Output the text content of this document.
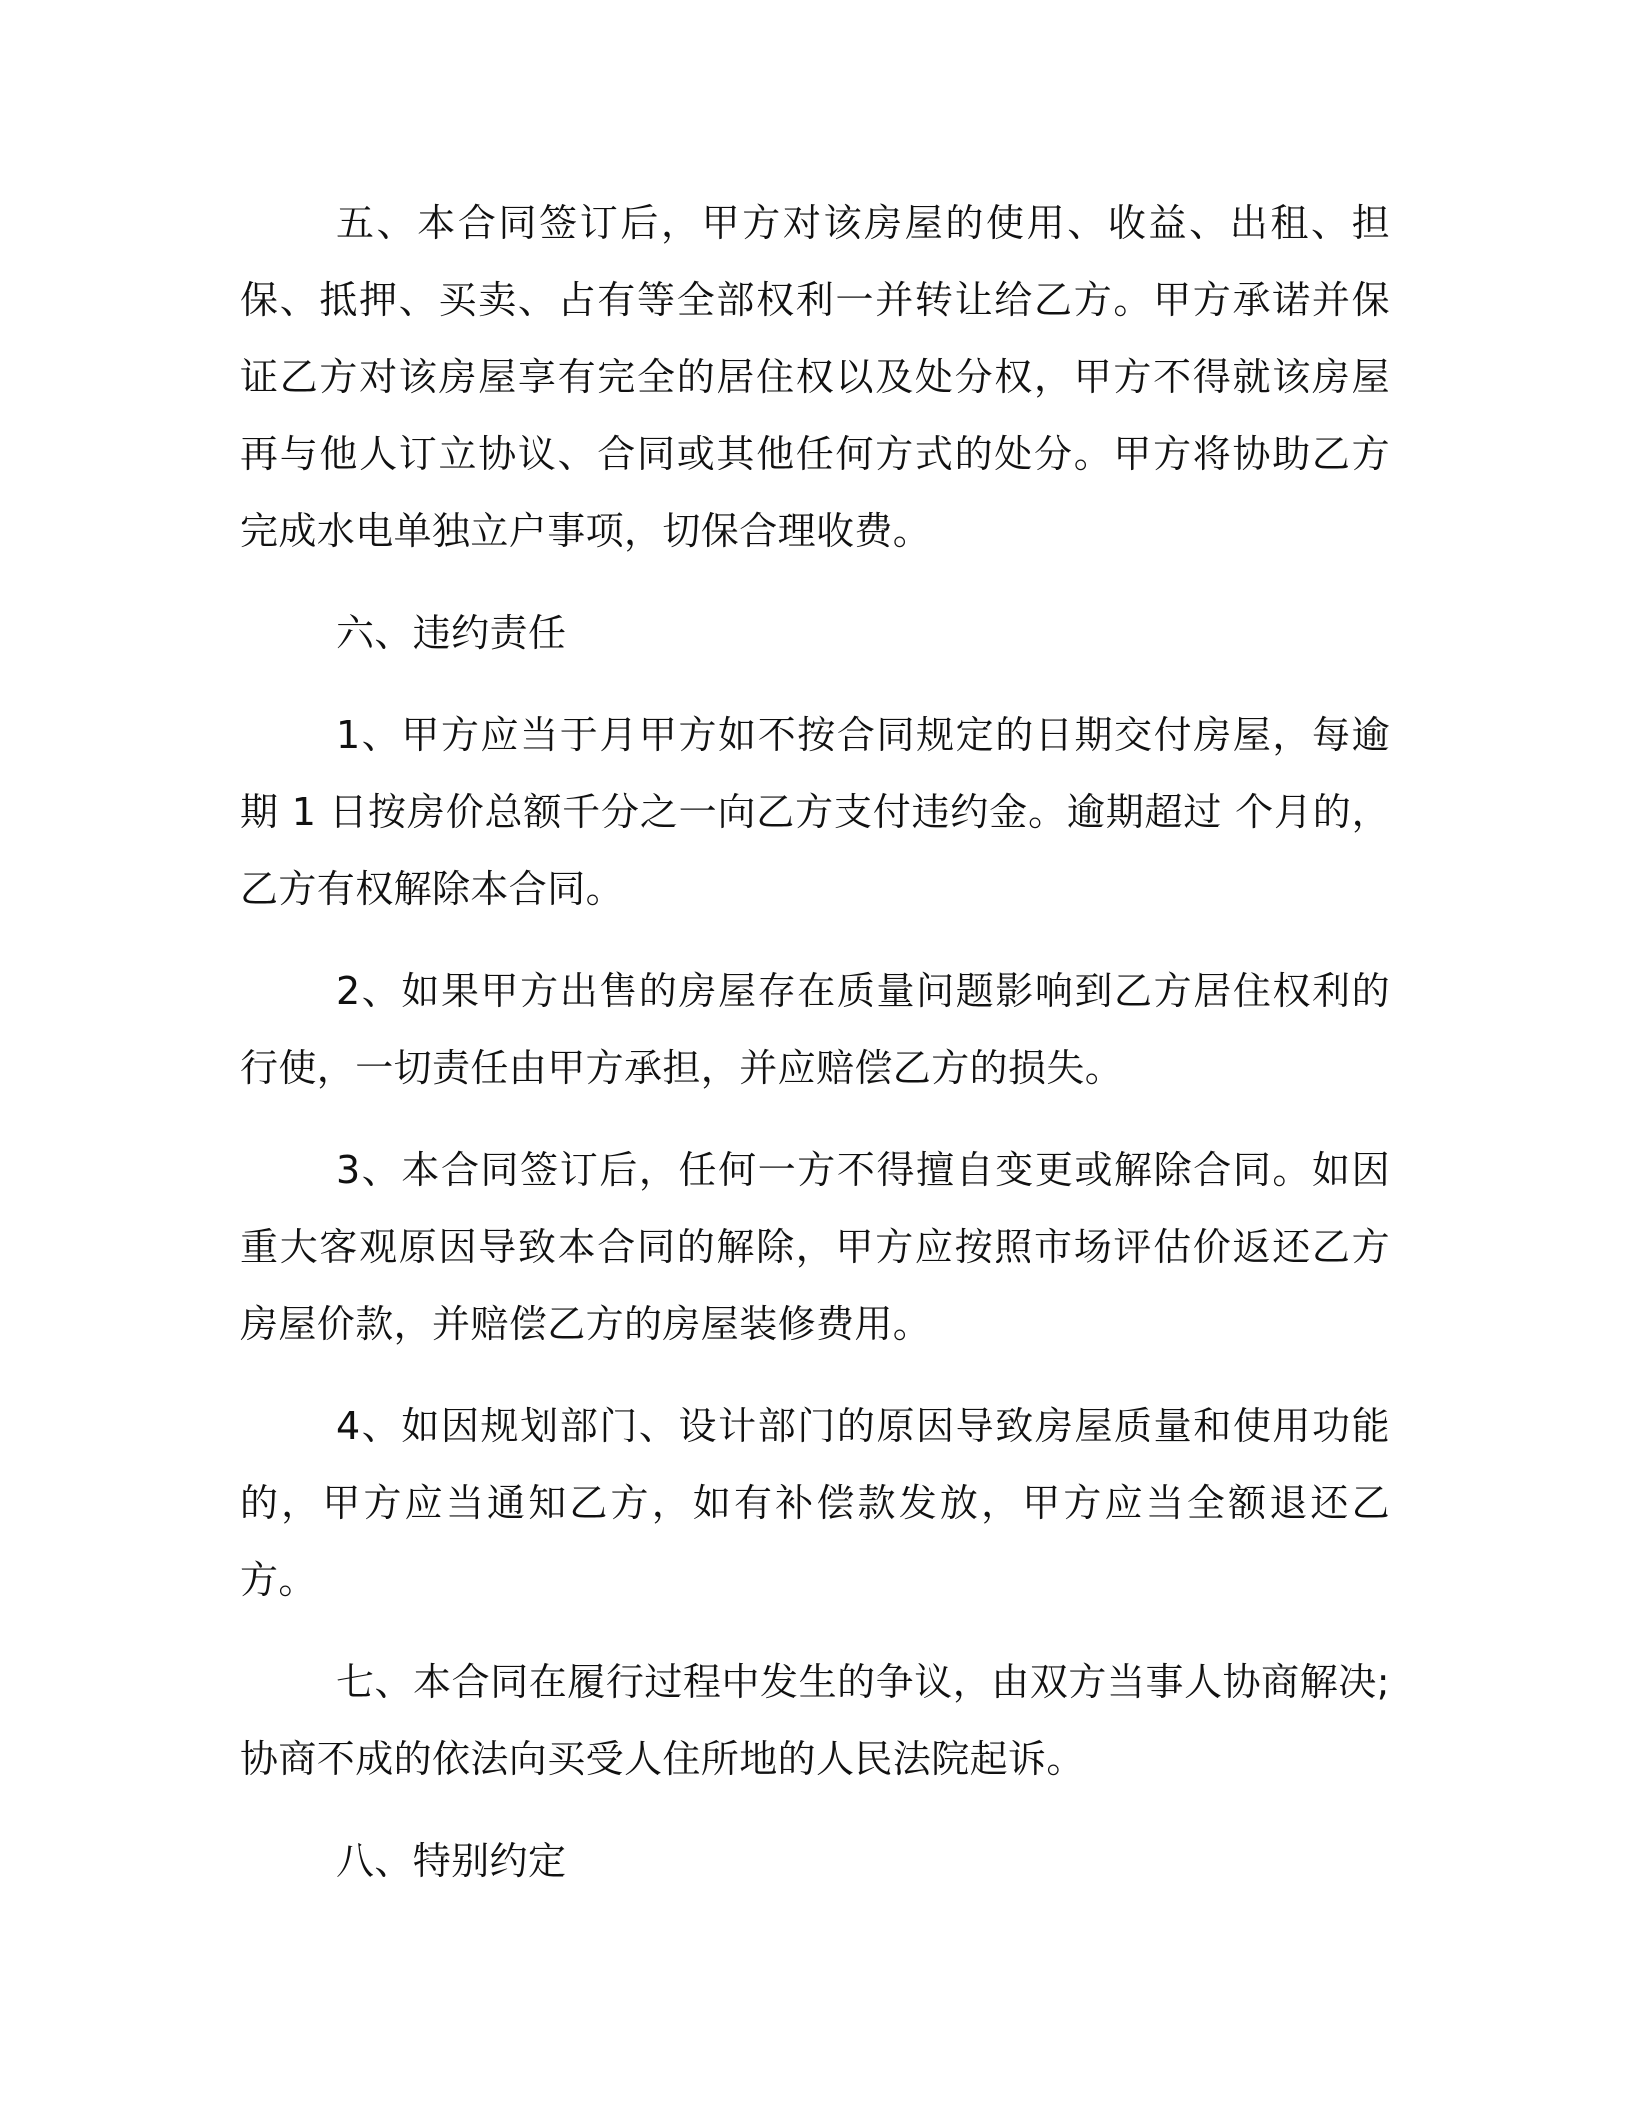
五、本合同签订后，甲方对该房屋的使用、收益、出租、担保、抵押、买卖、占有等全部权利一并转让给乙方。甲方承诺并保证乙方对该房屋享有完全的居住权以及处分权，甲方不得就该房屋再与他人订立协议、合同或其他任何方式的处分。甲方将协助乙方完成水电单独立户事项，切保合理收费。

六、违约责任

1、甲方应当于月甲方如不按合同规定的日期交付房屋，每逾期 1 日按房价总额千分之一向乙方支付违约金。逾期超过 个月的，乙方有权解除本合同。

2、如果甲方出售的房屋存在质量问题影响到乙方居住权利的行使，一切责任由甲方承担，并应赔偿乙方的损失。

3、本合同签订后，任何一方不得擅自变更或解除合同。如因重大客观原因导致本合同的解除，甲方应按照市场评估价返还乙方房屋价款，并赔偿乙方的房屋装修费用。

4、如因规划部门、设计部门的原因导致房屋质量和使用功能的，甲方应当通知乙方，如有补偿款发放，甲方应当全额退还乙方。

七、本合同在履行过程中发生的争议，由双方当事人协商解决;协商不成的依法向买受人住所地的人民法院起诉。

八、特别约定
